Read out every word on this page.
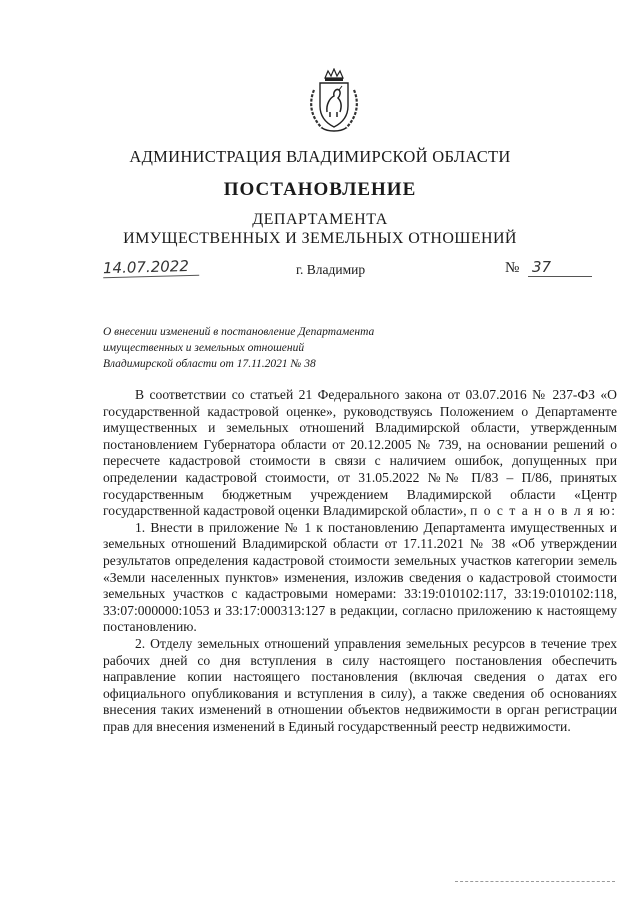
АДМИНИСТРАЦИЯ ВЛАДИМИРСКОЙ ОБЛАСТИ
ПОСТАНОВЛЕНИЕ
ДЕПАРТАМЕНТА
ИМУЩЕСТВЕННЫХ И ЗЕМЕЛЬНЫХ ОТНОШЕНИЙ
14.07.2022	г. Владимир	№ 37
О внесении изменений в постановление Департамента
имущественных и земельных отношений
Владимирской области от 17.11.2021 № 38

В соответствии со статьей 21 Федерального закона от 03.07.2016 № 237-ФЗ «О государственной кадастровой оценке», руководствуясь Положением о Департаменте имущественных и земельных отношений Владимирской области, утвержденным постановлением Губернатора области от 20.12.2005 № 739, на основании решений о пересчете кадастровой стоимости в связи с наличием ошибок, допущенных при определении кадастровой стоимости, от 31.05.2022 №№ П/83 – П/86, принятых государственным бюджетным учреждением Владимирской области «Центр государственной кадастровой оценки Владимирской области», п о с т а н о в л я ю:

1. Внести в приложение № 1 к постановлению Департамента имущественных и земельных отношений Владимирской области от 17.11.2021 № 38 «Об утверждении результатов определения кадастровой стоимости земельных участков категории земель «Земли населенных пунктов» изменения, изложив сведения о кадастровой стоимости земельных участков с кадастровыми номерами: 33:19:010102:117, 33:19:010102:118, 33:07:000000:1053 и 33:17:000313:127 в редакции, согласно приложению к настоящему постановлению.

2. Отделу земельных отношений управления земельных ресурсов в течение трех рабочих дней со дня вступления в силу настоящего постановления обеспечить направление копии настоящего постановления (включая сведения о датах его официального опубликования и вступления в силу), а также сведения об основаниях внесения таких изменений в отношении объектов недвижимости в орган регистрации прав для внесения изменений в Единый государственный реестр недвижимости.
